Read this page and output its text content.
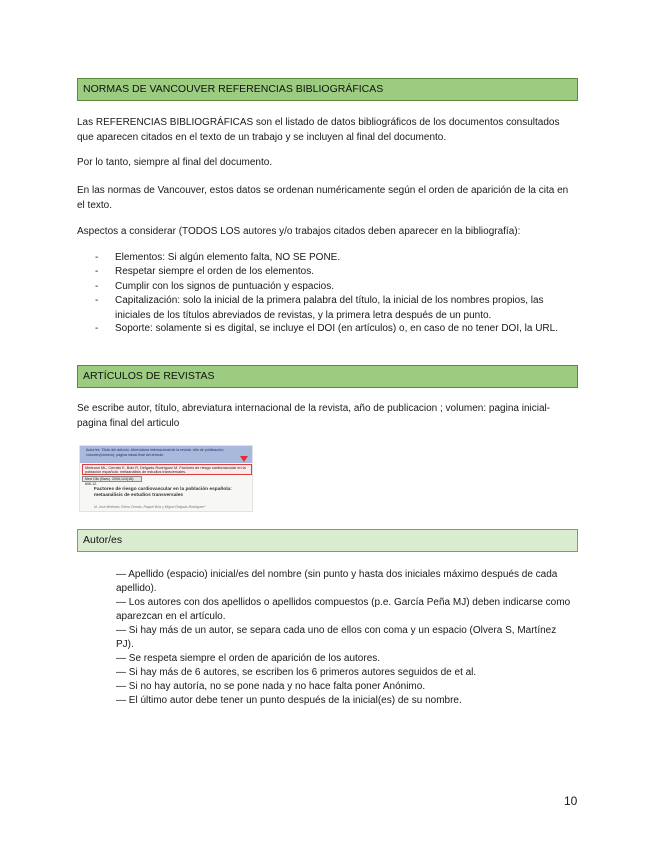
NORMAS DE VANCOUVER REFERENCIAS BIBLIOGRÁFICAS

Las REFERENCIAS BIBLIOGRÁFICAS son el listado de datos bibliográficos de los documentos consultados que aparecen citados en el texto de un trabajo y se incluyen al final del documento.

Por lo tanto, siempre al final del documento.

En las normas de Vancouver, estos datos se ordenan numéricamente según el orden de aparición de la cita en el texto.

Aspectos a considerar (TODOS LOS autores y/o trabajos citados deben aparecer en la bibliografía):

- Elementos: Si algún elemento falta, NO SE PONE.
- Respetar siempre el orden de los elementos.
- Cumplir con los signos de puntuación y espacios.
- Capitalización: solo la inicial de la primera palabra del título, la inicial de los nombres propios, las iniciales de los títulos abreviados de revistas, y la primera letra después de un punto.
- Soporte: solamente si es digital, se incluye el DOI (en artículos) o, en caso de no tener DOI, la URL.
ARTÍCULOS DE REVISTAS

Se escribe autor, título, abreviatura internacional de la revista, año de publicacion ; volumen: pagina inicial-pagina final del articulo

Autor/es. Título del artículo. Abreviatura internacional de la revista. año de publicación; volumen(número): página inicial-final del artículo
Medrano ML, Cerrato E, Boix R, Delgado-Rodríguez M. Factores de riesgo cardiovascular en la población española: metaanálisis de estudios transversales.
Med Clin (Barc). 2005;124(16): 606-12.
Factores de riesgo cardiovascular en la población española: metaanálisis de estudios transversales
M. José Medrano, Elena Cerrato, Raquel Boix y Miguel Delgado-Rodríguez*
Autor/es
— Apellido (espacio) inicial/es del nombre (sin punto y hasta dos iniciales máximo después de cada apellido).
— Los autores con dos apellidos o apellidos compuestos (p.e. García Peña MJ) deben indicarse como aparezcan en el artículo.
— Si hay más de un autor, se separa cada uno de ellos con coma y un espacio (Olvera S, Martínez PJ).
— Se respeta siempre el orden de aparición de los autores.
— Si hay más de 6 autores, se escriben los 6 primeros autores seguidos de et al.
— Si no hay autoría, no se pone nada y no hace falta poner Anónimo.
— El último autor debe tener un punto después de la inicial(es) de su nombre.
10
